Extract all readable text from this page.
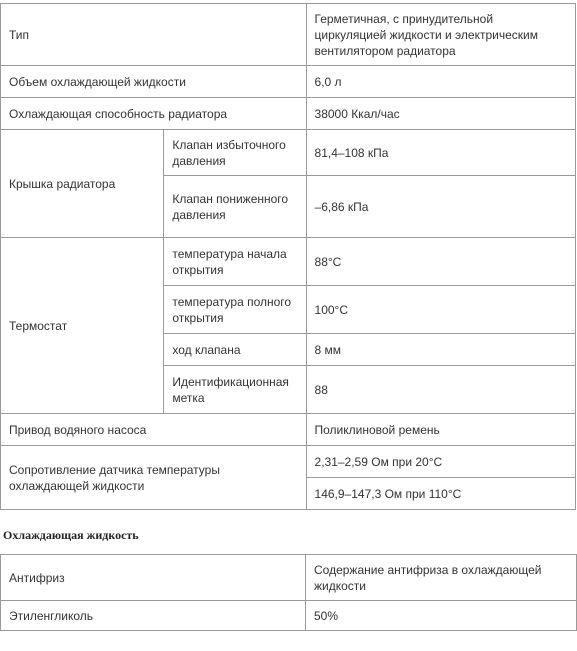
Тип		Герметичная, с принудительной циркуляцией жидкости и электрическим вентилятором радиатора
Объем охлаждающей жидкости		6,0 л
Охлаждающая способность радиатора		38000 Ккал/час
Крышка радиатора	Клапан избыточного давления	81,4–108 кПа
	Клапан пониженного давления	–6,86 кПа
Термостат	температура начала открытия	88°С
	температура полного открытия	100°С
	ход клапана	8 мм
	Идентификационная метка	88
Привод водяного насоса		Поликлиновой ремень
Сопротивление датчика температуры охлаждающей жидкости		2,31–2,59 Ом при 20°С
		146,9–147,3 Ом при 110°С
Охлаждающая жидкость
Антифриз	Содержание антифриза в охлаждающей жидкости
Этиленгликоль	50%
